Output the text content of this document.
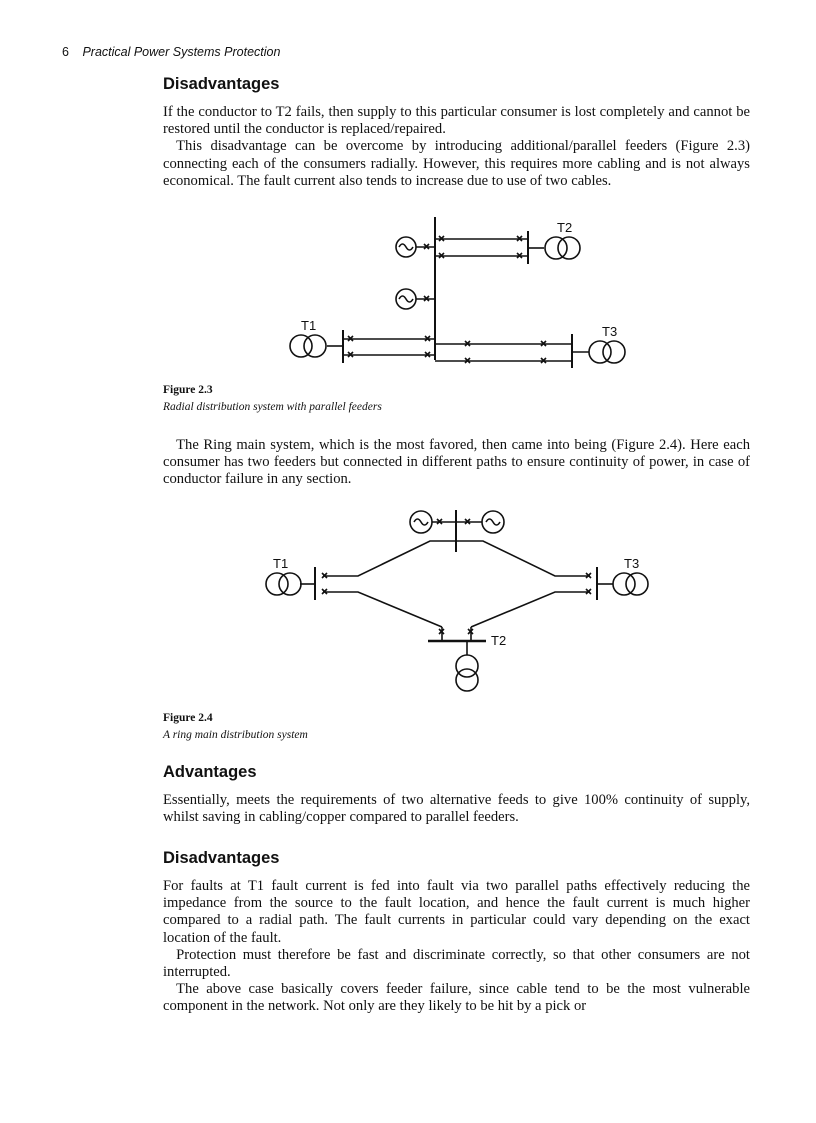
6 Practical Power Systems Protection
Disadvantages

If the conductor to T2 fails, then supply to this particular consumer is lost completely and cannot be restored until the conductor is replaced/repaired.

This disadvantage can be overcome by introducing additional/parallel feeders (Figure 2.3) connecting each of the consumers radially. However, this requires more cabling and is not always economical. The fault current also tends to increase due to use of two cables.

T2
T1	T3
T1	T3
T2
Figure 2.3
Radial distribution system with parallel feeders

The Ring main system, which is the most favored, then came into being (Figure 2.4). Here each consumer has two feeders but connected in different paths to ensure continuity of power, in case of conductor failure in any section.

Figure 2.4
A ring main distribution system
Advantages

Essentially, meets the requirements of two alternative feeds to give 100% continuity of supply, whilst saving in cabling/copper compared to parallel feeders.

Disadvantages

For faults at T1 fault current is fed into fault via two parallel paths effectively reducing the impedance from the source to the fault location, and hence the fault current is much higher compared to a radial path. The fault currents in particular could vary depending on the exact location of the fault.

Protection must therefore be fast and discriminate correctly, so that other consumers are not interrupted.

The above case basically covers feeder failure, since cable tend to be the most vulnerable component in the network. Not only are they likely to be hit by a pick or
